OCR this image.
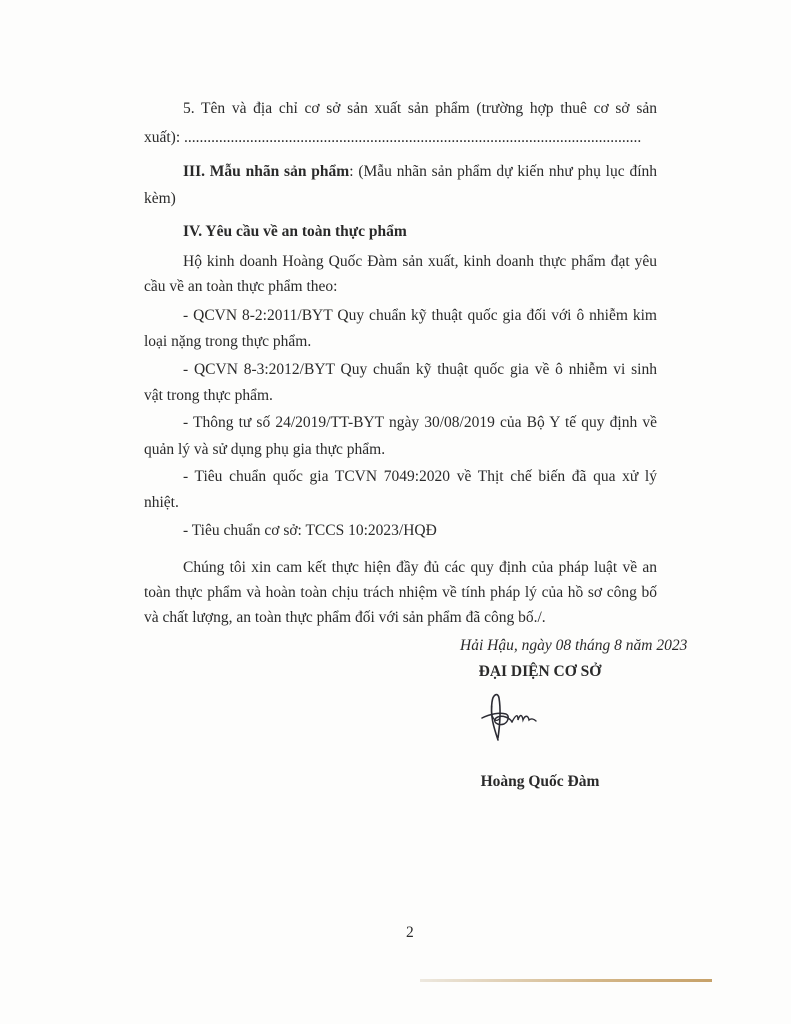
5. Tên và địa chỉ cơ sở sản xuất sản phẩm (trường hợp thuê cơ sở sản

xuất): ......................................................................................................................

III. Mẫu nhãn sản phẩm: (Mẫu nhãn sản phẩm dự kiến như phụ lục đính

kèm)

IV. Yêu cầu về an toàn thực phẩm

Hộ kinh doanh Hoàng Quốc Đàm sản xuất, kinh doanh thực phẩm đạt yêu

cầu về an toàn thực phẩm theo:

- QCVN 8-2:2011/BYT Quy chuẩn kỹ thuật quốc gia đối với ô nhiễm kim

loại nặng trong thực phẩm.

- QCVN 8-3:2012/BYT Quy chuẩn kỹ thuật quốc gia về ô nhiễm vi sinh

vật trong thực phẩm.

- Thông tư số 24/2019/TT-BYT ngày 30/08/2019 của Bộ Y tế quy định về

quản lý và sử dụng phụ gia thực phẩm.

- Tiêu chuẩn quốc gia TCVN 7049:2020 về Thịt chế biến đã qua xử lý

nhiệt.

- Tiêu chuẩn cơ sở: TCCS 10:2023/HQĐ

Chúng tôi xin cam kết thực hiện đầy đủ các quy định của pháp luật về an

toàn thực phẩm và hoàn toàn chịu trách nhiệm về tính pháp lý của hồ sơ công bố

và chất lượng, an toàn thực phẩm đối với sản phẩm đã công bố./.

Hải Hậu, ngày 08 tháng 8 năm 2023

ĐẠI DIỆN CƠ SỞ

Hoàng Quốc Đàm

2
